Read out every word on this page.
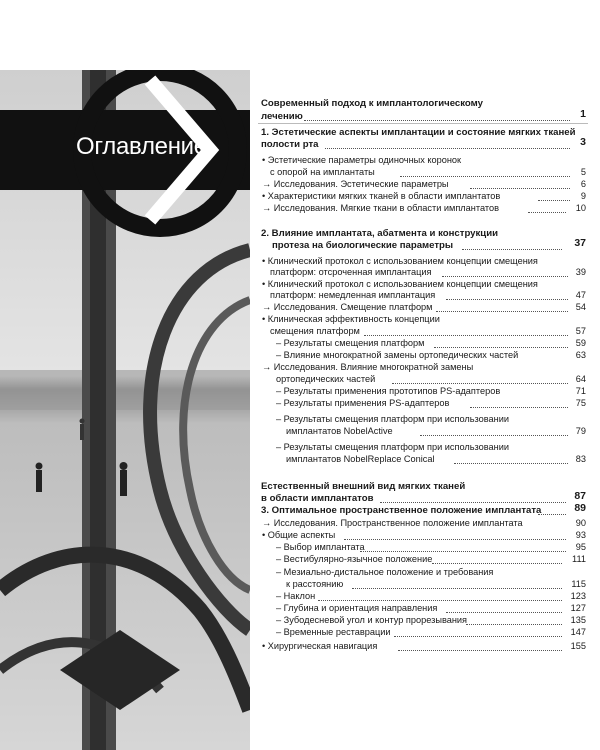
Оглавление
Современный подход к имплантологическому
лечению	1
1. Эстетические аспекты имплантации и состояние мягких тканей
полости рта	3
• Эстетические параметры одиночных коронок
с опорой на имплантаты	5
→ Исследования. Эстетические параметры	6
• Характеристики мягких тканей в области имплантатов	9
→ Исследования. Мягкие ткани в области имплантатов	10
2. Влияние имплантата, абатмента и конструкции
протеза на биологические параметры	37
• Клинический протокол с использованием концепции смещения
платформ: отсроченная имплантация	39
• Клинический протокол с использованием концепции смещения
платформ: немедленная имплантация	47
→ Исследования. Смещение платформ	54
• Клиническая эффективность концепции
смещения платформ	57
– Результаты смещения платформ	59
– Влияние многократной замены ортопедических частей	63
→ Исследования. Влияние многократной замены
ортопедических частей	64
– Результаты применения прототипов PS-адаптеров	71
– Результаты применения PS-адаптеров	75
– Результаты смещения платформ при использовании
имплантатов NobelActive	79
– Результаты смещения платформ при использовании
имплантатов NobelReplace Conical	83
Естественный внешний вид мягких тканей
в области имплантатов	87
3. Оптимальное пространственное положение имплантата	89
→ Исследования. Пространственное положение имплантата	90
• Общие аспекты	93
– Выбор имплантата	95
– Вестибулярно-язычное положение	111
– Мезиально-дистальное положение и требования
к расстоянию	115
– Наклон	123
– Глубина и ориентация направления	127
– Зубодесневой угол и контур прорезывания	135
– Временные реставрации	147
• Хирургическая навигация	155
